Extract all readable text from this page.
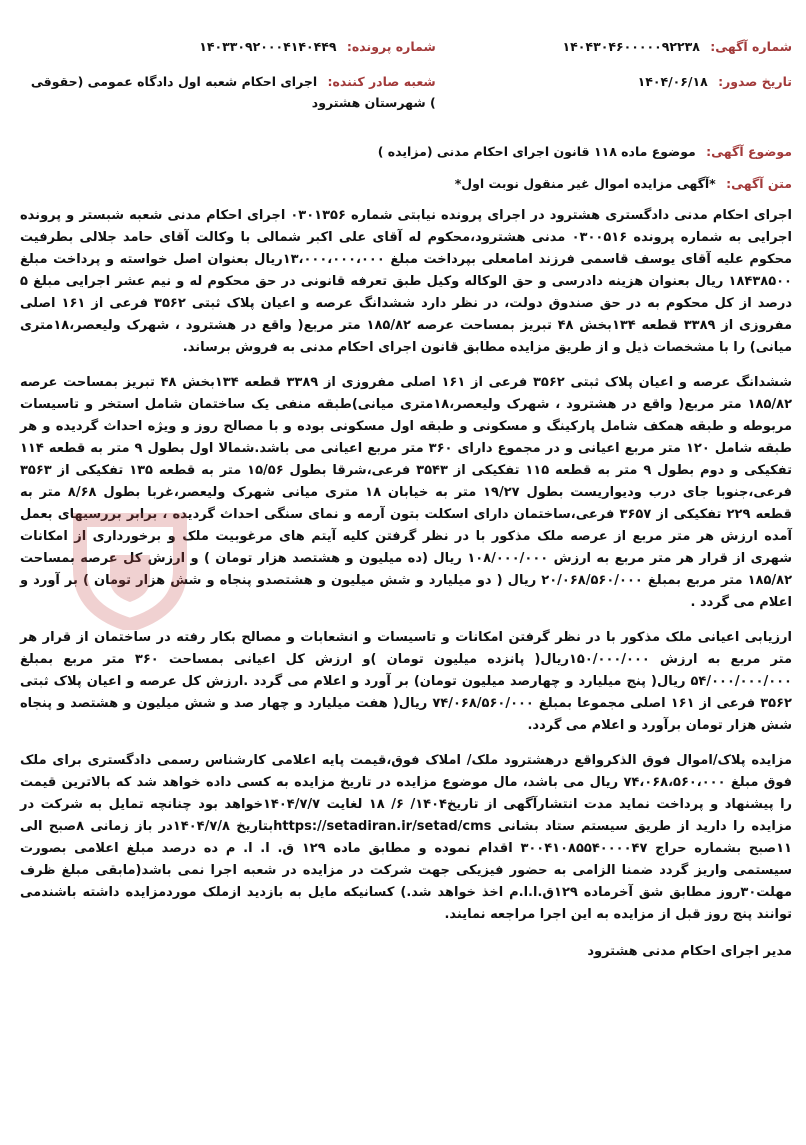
شماره آگهی: ۱۴۰۴۳۰۴۶۰۰۰۰۰۹۲۲۳۸
شماره پرونده: ۱۴۰۳۳۰۹۲۰۰۰۴۱۴۰۴۴۹
تاریخ صدور: ۱۴۰۴/۰۶/۱۸
شعبه صادر کننده: اجرای احکام شعبه اول دادگاه عمومی (حقوقی ) شهرستان هشترود
موضوع آگهی: موضوع ماده ۱۱۸ قانون اجرای احکام مدنی (مزایده )
متن آگهی: *آگهی مزایده اموال غیر منقول نوبت اول*

اجرای احکام مدنی دادگستری هشترود در اجرای پرونده نیابتی شماره ۰۳۰۱۳۵۶ اجرای احکام مدنی شعبه شبستر و پرونده اجرایی به شماره پرونده ۰۳۰۰۵۱۶ مدنی هشترود،محکوم له آقای علی اکبر شمالی با وکالت آقای حامد جلالی بطرفیت محکوم علیه آقای یوسف قاسمی فرزند امامعلی بپرداخت مبلغ ۱۳،۰۰۰،۰۰۰،۰۰۰ریال بعنوان اصل خواسته و پرداخت مبلغ ۱۸۴۳۸۵۰۰ ریال بعنوان هزینه دادرسی و حق الوکاله وکیل طبق تعرفه قانونی در حق محکوم له و نیم عشر اجرایی مبلغ ۵ درصد از کل محکوم به در حق صندوق دولت، در نظر دارد ششدانگ عرصه و اعیان پلاک ثبتی ۳۵۶۲ فرعی از ۱۶۱ اصلی مفروزی از ۳۳۸۹ قطعه ۱۳۴بخش ۴۸ تبریز بمساحت عرصه ۱۸۵/۸۲ متر مربع( واقع در هشترود ، شهرک ولیعصر،۱۸متری میانی) را با مشخصات ذیل و از طریق مزایده مطابق قانون اجرای احکام مدنی به فروش برساند.

ششدانگ عرصه و اعیان پلاک ثبتی ۳۵۶۲ فرعی از ۱۶۱ اصلی مفروزی از ۳۳۸۹ قطعه ۱۳۴بخش ۴۸ تبریز بمساحت عرصه ۱۸۵/۸۲ متر مربع( واقع در هشترود ، شهرک ولیعصر،۱۸متری میانی)طبقه منفی یک ساختمان شامل استخر و تاسیسات مربوطه و طبقه همکف شامل پارکینگ و مسکونی و طبقه اول مسکونی بوده و با مصالح روز و ویژه احداث گردیده و هر طبقه شامل ۱۲۰ متر مربع اعیانی و در مجموع دارای ۳۶۰ متر مربع اعیانی می باشد.شمالا اول بطول ۹ متر به قطعه ۱۱۴ تفکیکی و دوم بطول ۹ متر به قطعه ۱۱۵ تفکیکی از ۳۵۴۳ فرعی،شرقا بطول ۱۵/۵۶ متر به قطعه ۱۳۵ تفکیکی از ۳۵۶۳ فرعی،جنوبا جای درب ودیواریست بطول ۱۹/۲۷ متر به خیابان ۱۸ متری میانی شهرک ولیعصر،غربا بطول ۸/۶۸ متر به قطعه ۲۲۹ تفکیکی از ۳۶۵۷ فرعی،ساختمان دارای اسکلت بتون آرمه و نمای سنگی احداث گردیده ، برابر بررسیهای بعمل آمده ارزش هر متر مربع از عرصه ملک مذکور با در نظر گرفتن کلیه آیتم های مرغوبیت ملک و برخورداری از امکانات شهری از قرار هر متر مربع به ارزش ۱۰۸/۰۰۰/۰۰۰ ریال (ده میلیون و هشتصد هزار تومان ) و ارزش کل عرصه بمساحت ۱۸۵/۸۲ متر مربع بمبلغ ۲۰/۰۶۸/۵۶۰/۰۰۰ ریال ( دو میلیارد و شش میلیون و هشتصدو پنجاه و شش هزار تومان ) بر آورد و اعلام می گردد .

ارزیابی اعیانی ملک مذکور با در نظر گرفتن امکانات و تاسیسات و انشعابات و مصالح بکار رفته در ساختمان از قرار هر متر مربع به ارزش ۱۵۰/۰۰۰/۰۰۰ریال( پانزده میلیون تومان )و ارزش کل اعیانی بمساحت ۳۶۰ متر مربع بمبلغ ۵۴/۰۰۰/۰۰۰/۰۰۰ ریال( پنج میلیارد و چهارصد میلیون تومان) بر آورد و اعلام می گردد .ارزش کل عرصه و اعیان پلاک ثبتی ۳۵۶۲ فرعی از ۱۶۱ اصلی مجموعا بمبلغ ۷۴/۰۶۸/۵۶۰/۰۰۰ ریال( هفت میلیارد و چهار صد و شش میلیون و هشتصد و پنجاه شش هزار تومان برآورد و اعلام می گردد.

مزایده پلاک/اموال فوق الذکرواقع درهشترود ملک/ املاک فوق،قیمت پایه اعلامی کارشناس رسمی دادگستری برای ملک فوق مبلغ ۷۴،۰۶۸،۵۶۰،۰۰۰ ریال می باشد، مال موضوع مزایده در تاریخ مزایده به کسی داده خواهد شد که بالاترین قیمت را پیشنهاد و پرداخت نماید مدت انتشارآگهی از تاریخ۱۴۰۴/ ۶/ ۱۸ لغایت ۱۴۰۴/۷/۷خواهد بود چنانچه تمایل به شرکت در مزایده را دارید از طریق سیستم ستاد بشانی https://setadiran.ir/setad/cmsبتاریخ ۱۴۰۴/۷/۸در باز زمانی ۸صبح الی ۱۱صبح بشماره حراج ۳۰۰۴۱۰۸۵۵۴۰۰۰۰۴۷ اقدام نموده و مطابق ماده ۱۲۹ ق. ا. ا. م ده درصد مبلغ اعلامی بصورت سیستمی واریز گردد ضمنا الزامی به حضور فیزیکی جهت شرکت در مزایده در شعبه اجرا نمی باشد(مابقی مبلغ ظرف مهلت۳۰روز مطابق شق آخرماده ۱۲۹ق.ا.ا.م اخذ خواهد شد.) کسانیکه مایل به بازدید ازملک موردمزایده داشته باشندمی توانند پنج روز قبل از مزایده به این اجرا مراجعه نمایند.

مدیر اجرای احکام مدنی هشترود
